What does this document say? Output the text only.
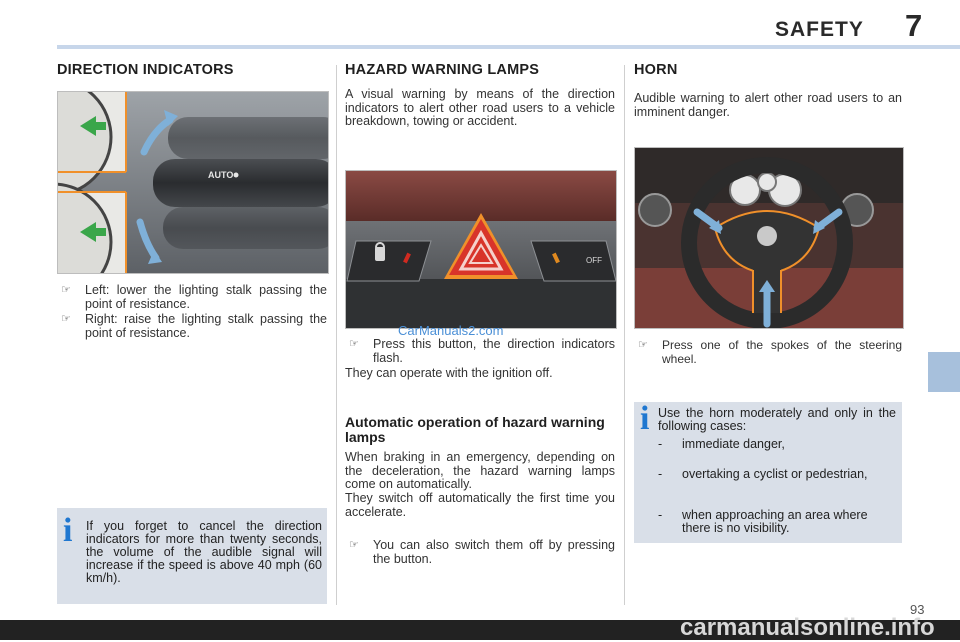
SAFETY 7
DIRECTION INDICATORS
AUTO
☞	Left: lower the lighting stalk passing the point of resistance.
☞	Right: raise the lighting stalk passing the point of resistance.
i If you forget to cancel the direction indicators for more than twenty seconds, the volume of the audible signal will increase if the speed is above 40 mph (60 km/h).
HAZARD WARNING LAMPS
A visual warning by means of the direction indicators to alert other road users to a vehicle breakdown, towing or accident.
OFF
CarManuals2.com
☞	Press this button, the direction indicators flash.
They can operate with the ignition off.
Automatic operation of hazard warning lamps
When braking in an emergency, depending on the deceleration, the hazard warning lamps come on automatically.
They switch off automatically the first time you accelerate.
☞	You can also switch them off by pressing the button.
HORN
Audible warning to alert other road users to an imminent danger.
☞	Press one of the spokes of the steering wheel.
i Use the horn moderately and only in the following cases:
-	immediate danger,
-	overtaking a cyclist or pedestrian,
-	when approaching an area where there is no visibility.
93
carmanualsonline.info
